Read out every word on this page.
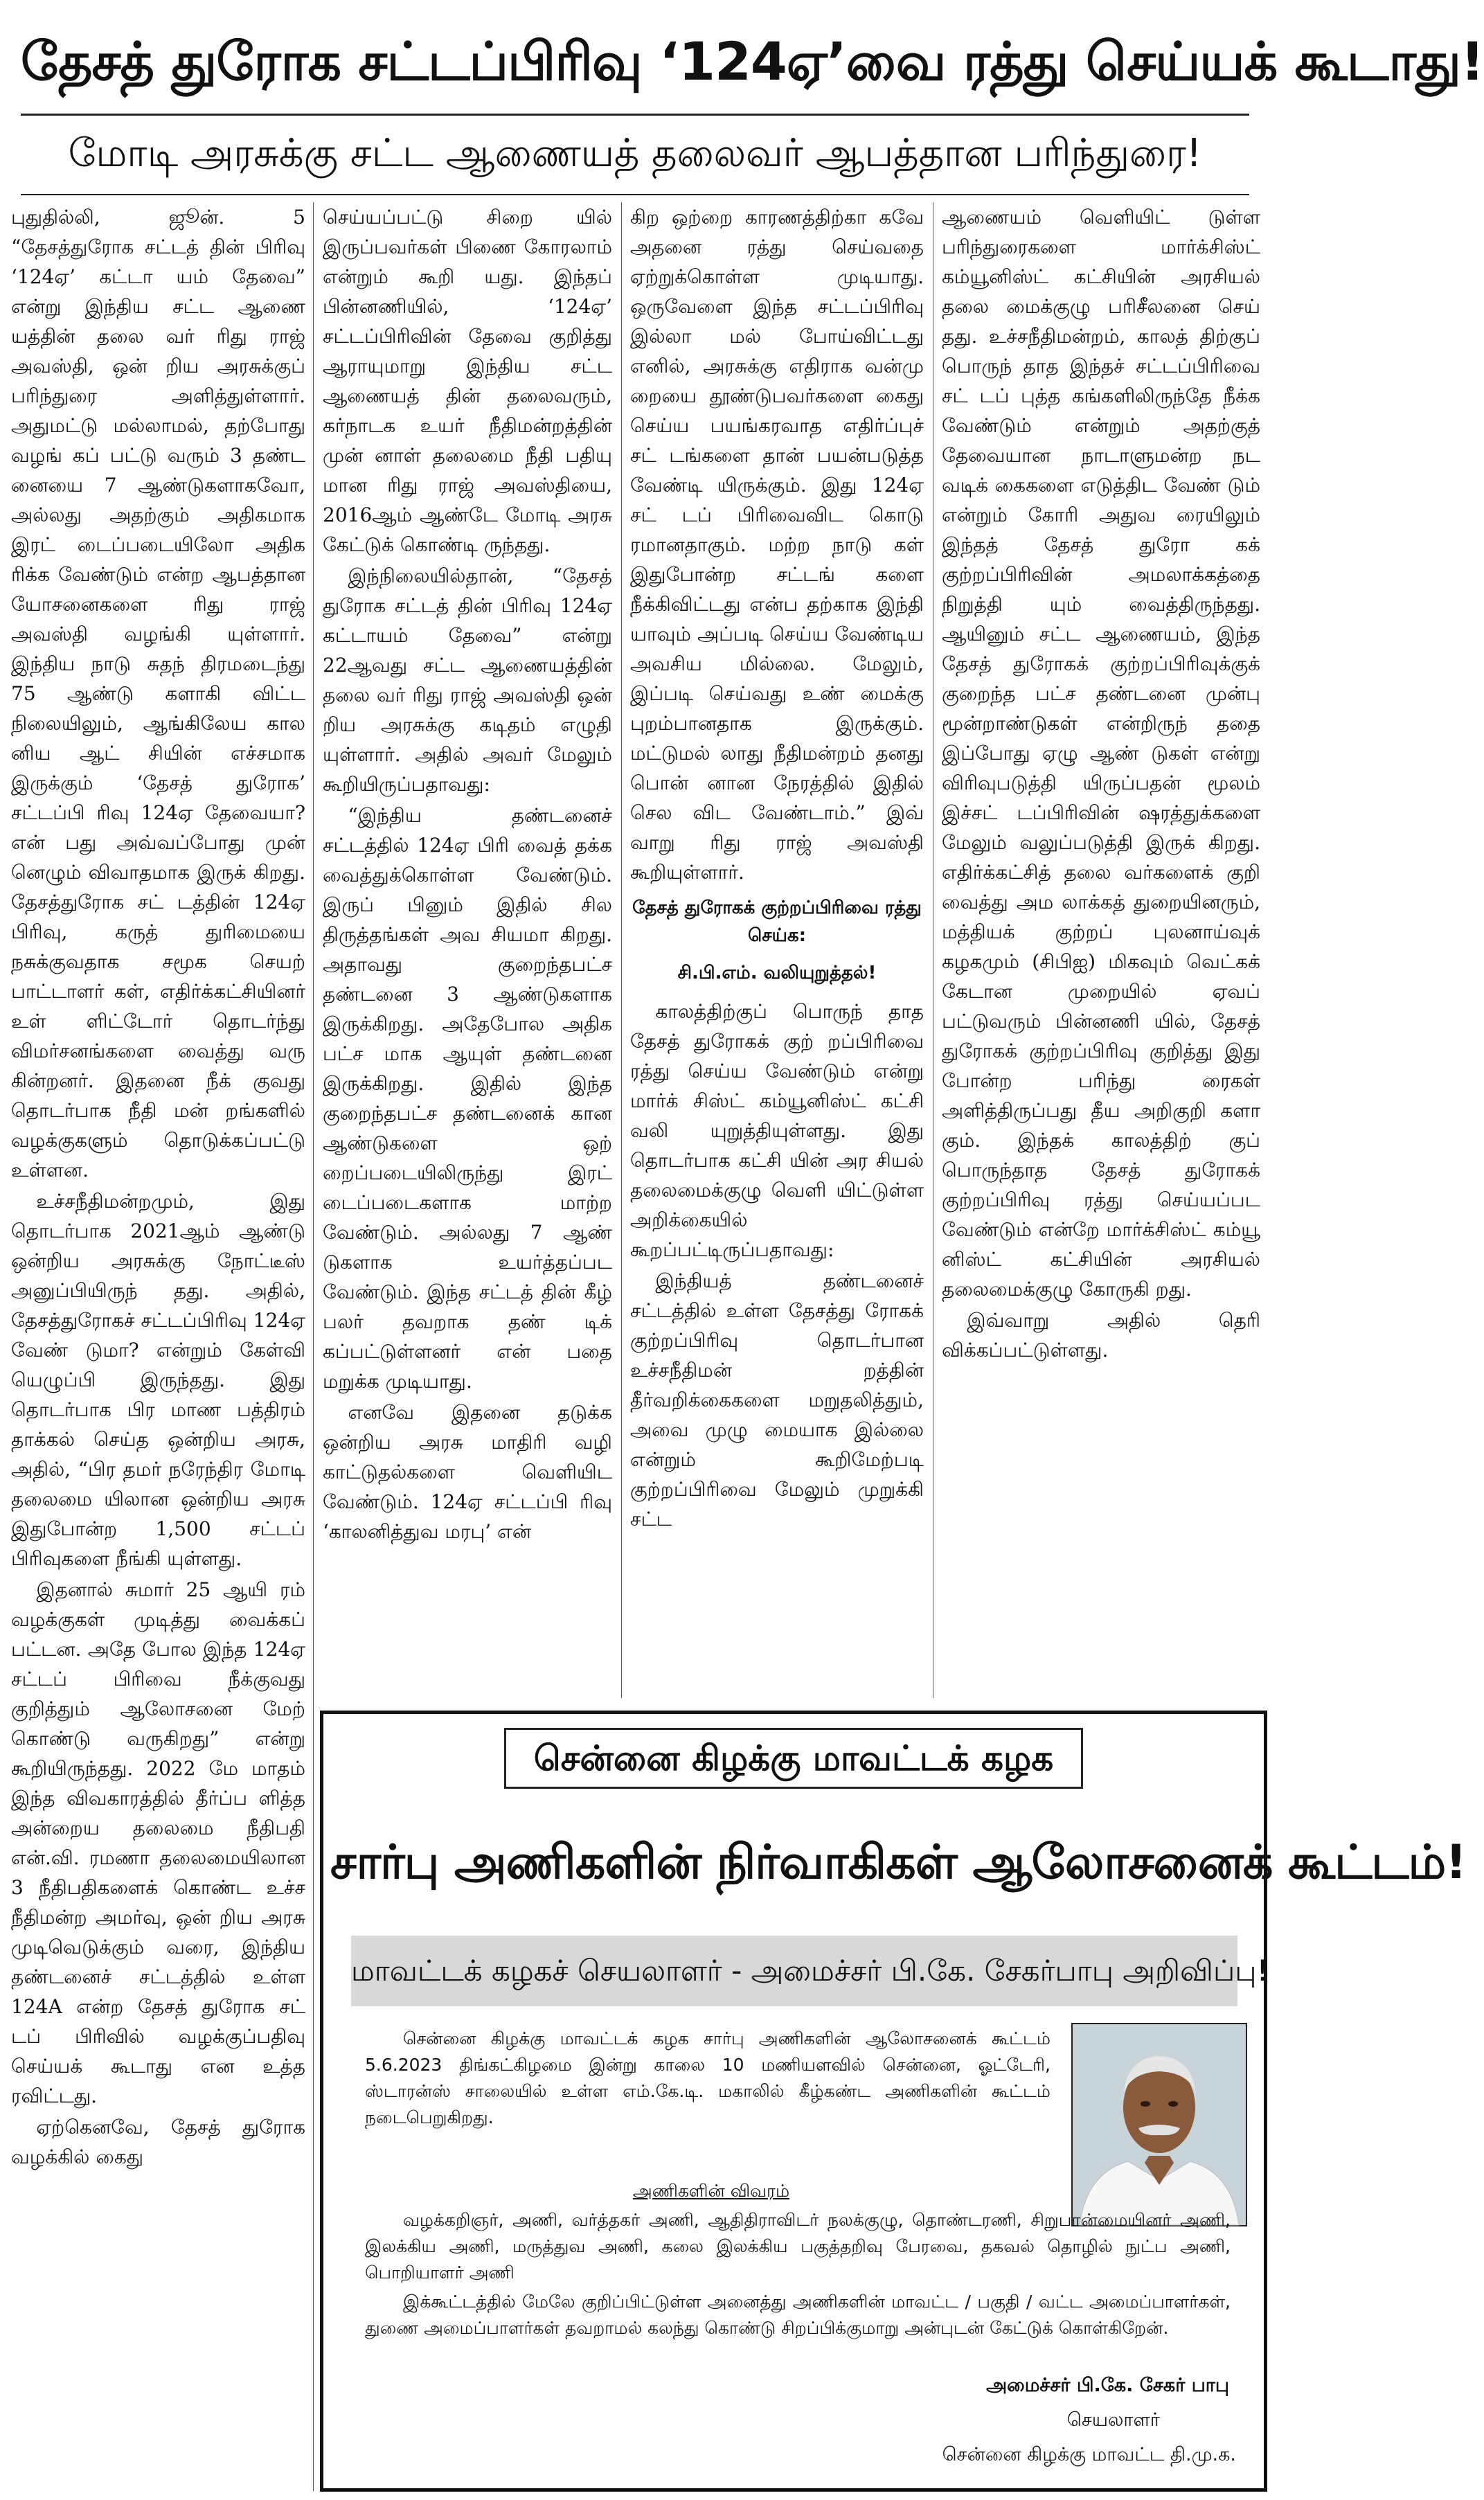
தேசத் துரோக சட்டப்பிரிவு ‘124ஏ’வை ரத்து செய்யக் கூடாது!
மோடி அரசுக்கு சட்ட ஆணையத் தலைவர் ஆபத்தான பரிந்துரை!

புதுதில்லி, ஜூன். 5 “தேசத்துரோக சட்டத் தின் பிரிவு ‘124ஏ’ கட்டா யம் தேவை” என்று இந்திய சட்ட ஆணை யத்தின் தலை வர் ரிது ராஜ் அவஸ்தி, ஒன் றிய அரசுக்குப் பரிந்துரை அளித்துள்ளார். அதுமட்டு மல்லாமல், தற்போது வழங் கப் பட்டு வரும் 3 தண்ட னையை 7 ஆண்டுகளாகவோ, அல்லது அதற்கும் அதிகமாக இரட் டைப்படையிலோ அதிக ரிக்க வேண்டும் என்ற ஆபத்தான யோசனைகளை ரிது ராஜ் அவஸ்தி வழங்கி யுள்ளார். இந்திய நாடு சுதந் திரமடைந்து 75 ஆண்டு களாகி விட்ட நிலையிலும், ஆங்கிலேய கால னிய ஆட் சியின் எச்சமாக இருக்கும் ‘தேசத் துரோக’ சட்டப்பி ரிவு 124ஏ தேவையா? என் பது அவ்வப்போது முன் னெழும் விவாதமாக இருக் கிறது. தேசத்துரோக சட் டத்தின் 124ஏ பிரிவு, கருத் துரிமையை நசுக்குவதாக சமூக செயற் பாட்டாளர் கள், எதிர்க்கட்சியினர் உள் ளிட்டோர் தொடர்ந்து விமர்சனங்களை வைத்து வரு கின்றனர். இதனை நீக் குவது தொடர்பாக நீதி மன் றங்களில் வழக்குகளும் தொடுக்கப்பட்டு உள்ளன.

உச்சநீதிமன்றமும், இது தொடர்பாக 2021ஆம் ஆண்டு ஒன்றிய அரசுக்கு நோட்டீஸ் அனுப்பியிருந் தது. அதில், தேசத்துரோகச் சட்டப்பிரிவு 124ஏ வேண் டுமா? என்றும் கேள்வி யெழுப்பி இருந்தது. இது தொடர்பாக பிர மாண பத்திரம் தாக்கல் செய்த ஒன்றிய அரசு, அதில், “பிர தமர் நரேந்திர மோடி தலைமை யிலான ஒன்றிய அரசு இதுபோன்ற 1,500 சட்டப் பிரிவுகளை நீங்கி யுள்ளது.

இதனால் சுமார் 25 ஆயி ரம் வழக்குகள் முடித்து வைக்கப் பட்டன. அதே போல இந்த 124ஏ சட்டப் பிரிவை நீக்குவது குறித்தும் ஆலோசனை மேற் கொண்டு வருகிறது” என்று கூறியிருந்தது. 2022 மே மாதம் இந்த விவகாரத்தில் தீர்ப்ப ளித்த அன்றைய தலைமை நீதிபதி என்.வி. ரமணா தலைமையிலான 3 நீதிபதிகளைக் கொண்ட உச்ச நீதிமன்ற அமர்வு, ஒன் றிய அரசு முடிவெடுக்கும் வரை, இந்திய தண்டனைச் சட்டத்தில் உள்ள 124A என்ற தேசத் துரோக சட் டப் பிரிவில் வழக்குப்பதிவு செய்யக் கூடாது என உத்த ரவிட்டது.

ஏற்கெனவே, தேசத் துரோக வழக்கில் கைது

செய்யப்பட்டு சிறை யில் இருப்பவர்கள் பிணை கோரலாம் என்றும் கூறி யது. இந்தப் பின்னணியில், ‘124ஏ’ சட்டப்பிரிவின் தேவை குறித்து ஆராயுமாறு இந்திய சட்ட ஆணையத் தின் தலைவரும், கர்நாடக உயர் நீதிமன்றத்தின் முன் னாள் தலைமை நீதி பதியு மான ரிது ராஜ் அவஸ்தியை, 2016ஆம் ஆண்டே மோடி அரசு கேட்டுக் கொண்டி ருந்தது.

இந்நிலையில்தான், “தேசத் துரோக சட்டத் தின் பிரிவு 124ஏ கட்டாயம் தேவை” என்று 22ஆவது சட்ட ஆணையத்தின் தலை வர் ரிது ராஜ் அவஸ்தி ஒன் றிய அரசுக்கு கடிதம் எழுதி யுள்ளார். அதில் அவர் மேலும் கூறியிருப்பதாவது:

“இந்திய தண்டனைச் சட்டத்தில் 124ஏ பிரி வைத் தக்க வைத்துக்கொள்ள வேண்டும். இருப் பினும் இதில் சில திருத்தங்கள் அவ சியமா கிறது. அதாவது குறைந்தபட்ச தண்டனை 3 ஆண்டுகளாக இருக்கிறது. அதேபோல அதிக பட்ச மாக ஆயுள் தண்டனை இருக்கிறது. இதில் இந்த குறைந்தபட்ச தண்டனைக் கான ஆண்டுகளை ஒற் றைப்படையிலிருந்து இரட் டைப்படைகளாக மாற்ற வேண்டும். அல்லது 7 ஆண் டுகளாக உயர்த்தப்பட வேண்டும். இந்த சட்டத் தின் கீழ் பலர் தவறாக தண் டிக் கப்பட்டுள்ளனர் என் பதை மறுக்க முடியாது.

எனவே இதனை தடுக்க ஒன்றிய அரசு மாதிரி வழி காட்டுதல்களை வெளியிட வேண்டும். 124ஏ சட்டப்பி ரிவு ‘காலனித்துவ மரபு’ என்

கிற ஒற்றை காரணத்திற்கா கவே அதனை ரத்து செய்வதை ஏற்றுக்கொள்ள முடியாது. ஒருவேளை இந்த சட்டப்பிரிவு இல்லா மல் போய்விட்டது எனில், அரசுக்கு எதிராக வன்மு றையை தூண்டுபவர்களை கைது செய்ய பயங்கரவாத எதிர்ப்புச் சட் டங்களை தான் பயன்படுத்த வேண்டி யிருக்கும். இது 124ஏ சட் டப் பிரிவைவிட கொடு ரமானதாகும். மற்ற நாடு கள் இதுபோன்ற சட்டங் களை நீக்கிவிட்டது என்ப தற்காக இந்தி யாவும் அப்படி செய்ய வேண்டிய அவசிய மில்லை. மேலும், இப்படி செய்வது உண் மைக்கு புறம்பானதாக இருக்கும். மட்டுமல் லாது நீதிமன்றம் தனது பொன் னான நேரத்தில் இதில் செல விட வேண்டாம்.” இவ் வாறு ரிது ராஜ் அவஸ்தி கூறியுள்ளார்.

தேசத் துரோகக் குற்றப்பிரிவை ரத்து செய்க:

சி.பி.எம். வலியுறுத்தல்!

காலத்திற்குப் பொருந் தாத தேசத் துரோகக் குற் றப்பிரிவை ரத்து செய்ய வேண்டும் என்று மார்க் சிஸ்ட் கம்யூனிஸ்ட் கட்சி வலி யுறுத்தியுள்ளது. இது தொடர்பாக கட்சி யின் அர சியல் தலைமைக்குழு வெளி யிட்டுள்ள அறிக்கையில் கூறப்பட்டிருப்பதாவது:

இந்தியத் தண்டனைச் சட்டத்தில் உள்ள தேசத்து ரோகக் குற்றப்பிரிவு தொடர்பான உச்சநீதிமன் றத்தின் தீர்வறிக்கைகளை மறுதலித்தும், அவை முழு மையாக இல்லை என்றும் கூறிமேற்படி குற்றப்பிரிவை மேலும் முறுக்கி சட்ட

ஆணையம் வெளியிட் டுள்ள பரிந்துரைகளை மார்க்சிஸ்ட் கம்யூனிஸ்ட் கட்சியின் அரசியல் தலை மைக்குழு பரிசீலனை செய் தது. உச்சநீதிமன்றம், காலத் திற்குப் பொருந் தாத இந்தச் சட்டப்பிரிவை சட் டப் புத்த கங்களிலிருந்தே நீக்க வேண்டும் என்றும் அதற்குத் தேவையான நாடாளுமன்ற நட வடிக் கைகளை எடுத்திட வேண் டும் என்றும் கோரி அதுவ ரையிலும் இந்தத் தேசத் துரோ கக் குற்றப்பிரிவின் அமலாக்கத்தை நிறுத்தி யும் வைத்திருந்தது. ஆயினும் சட்ட ஆணையம், இந்த தேசத் துரோகக் குற்றப்பிரிவுக்குக் குறைந்த பட்ச தண்டனை முன்பு மூன்றாண்டுகள் என்றிருந் ததை இப்போது ஏழு ஆண் டுகள் என்று விரிவுபடுத்தி யிருப்பதன் மூலம் இச்சட் டப்பிரிவின் ஷரத்துக்களை மேலும் வலுப்படுத்தி இருக் கிறது. எதிர்க்கட்சித் தலை வர்களைக் குறி வைத்து அம லாக்கத் துறையினரும், மத்தியக் குற்றப் புலனாய்வுக் கழகமும் (சிபிஐ) மிகவும் வெட்கக் கேடான முறையில் ஏவப் பட்டுவரும் பின்னணி யில், தேசத் துரோகக் குற்றப்பிரிவு குறித்து இது போன்ற பரிந்து ரைகள் அளித்திருப்பது தீய அறிகுறி களா கும். இந்தக் காலத்திற் குப் பொருந்தாத தேசத் துரோகக் குற்றப்பிரிவு ரத்து செய்யப்பட வேண்டும் என்றே மார்க்சிஸ்ட் கம்யூ னிஸ்ட் கட்சியின் அரசியல் தலைமைக்குழு கோருகி றது.

இவ்வாறு அதில் தெரி விக்கப்பட்டுள்ளது.

சென்னை கிழக்கு மாவட்டக் கழக
சார்பு அணிகளின் நிர்வாகிகள் ஆலோசனைக் கூட்டம்!
மாவட்டக் கழகச் செயலாளர் - அமைச்சர் பி.கே. சேகர்பாபு அறிவிப்பு!

சென்னை கிழக்கு மாவட்டக் கழக சார்பு அணிகளின் ஆலோசனைக் கூட்டம் 5.6.2023 திங்கட்கிழமை இன்று காலை 10 மணியளவில் சென்னை, ஓட்டேரி, ஸ்டாரன்ஸ் சாலையில் உள்ள எம்.கே.டி. மகாலில் கீழ்கண்ட அணிகளின் கூட்டம் நடைபெறுகிறது.

அணிகளின் விவரம்

வழக்கறிஞர், அணி, வர்த்தகர் அணி, ஆதிதிராவிடர் நலக்குழு, தொண்டரணி, சிறுபான்மையினர் அணி, இலக்கிய அணி, மருத்துவ அணி, கலை இலக்கிய பகுத்தறிவு பேரவை, தகவல் தொழில் நுட்ப அணி, பொறியாளர் அணி

இக்கூட்டத்தில் மேலே குறிப்பிட்டுள்ள அனைத்து அணிகளின் மாவட்ட / பகுதி / வட்ட அமைப்பாளர்கள், துணை அமைப்பாளர்கள் தவறாமல் கலந்து கொண்டு சிறப்பிக்குமாறு அன்புடன் கேட்டுக் கொள்கிறேன்.

அமைச்சர் பி.கே. சேகர் பாபு
செயலாளர்
சென்னை கிழக்கு மாவட்ட தி.மு.க.
